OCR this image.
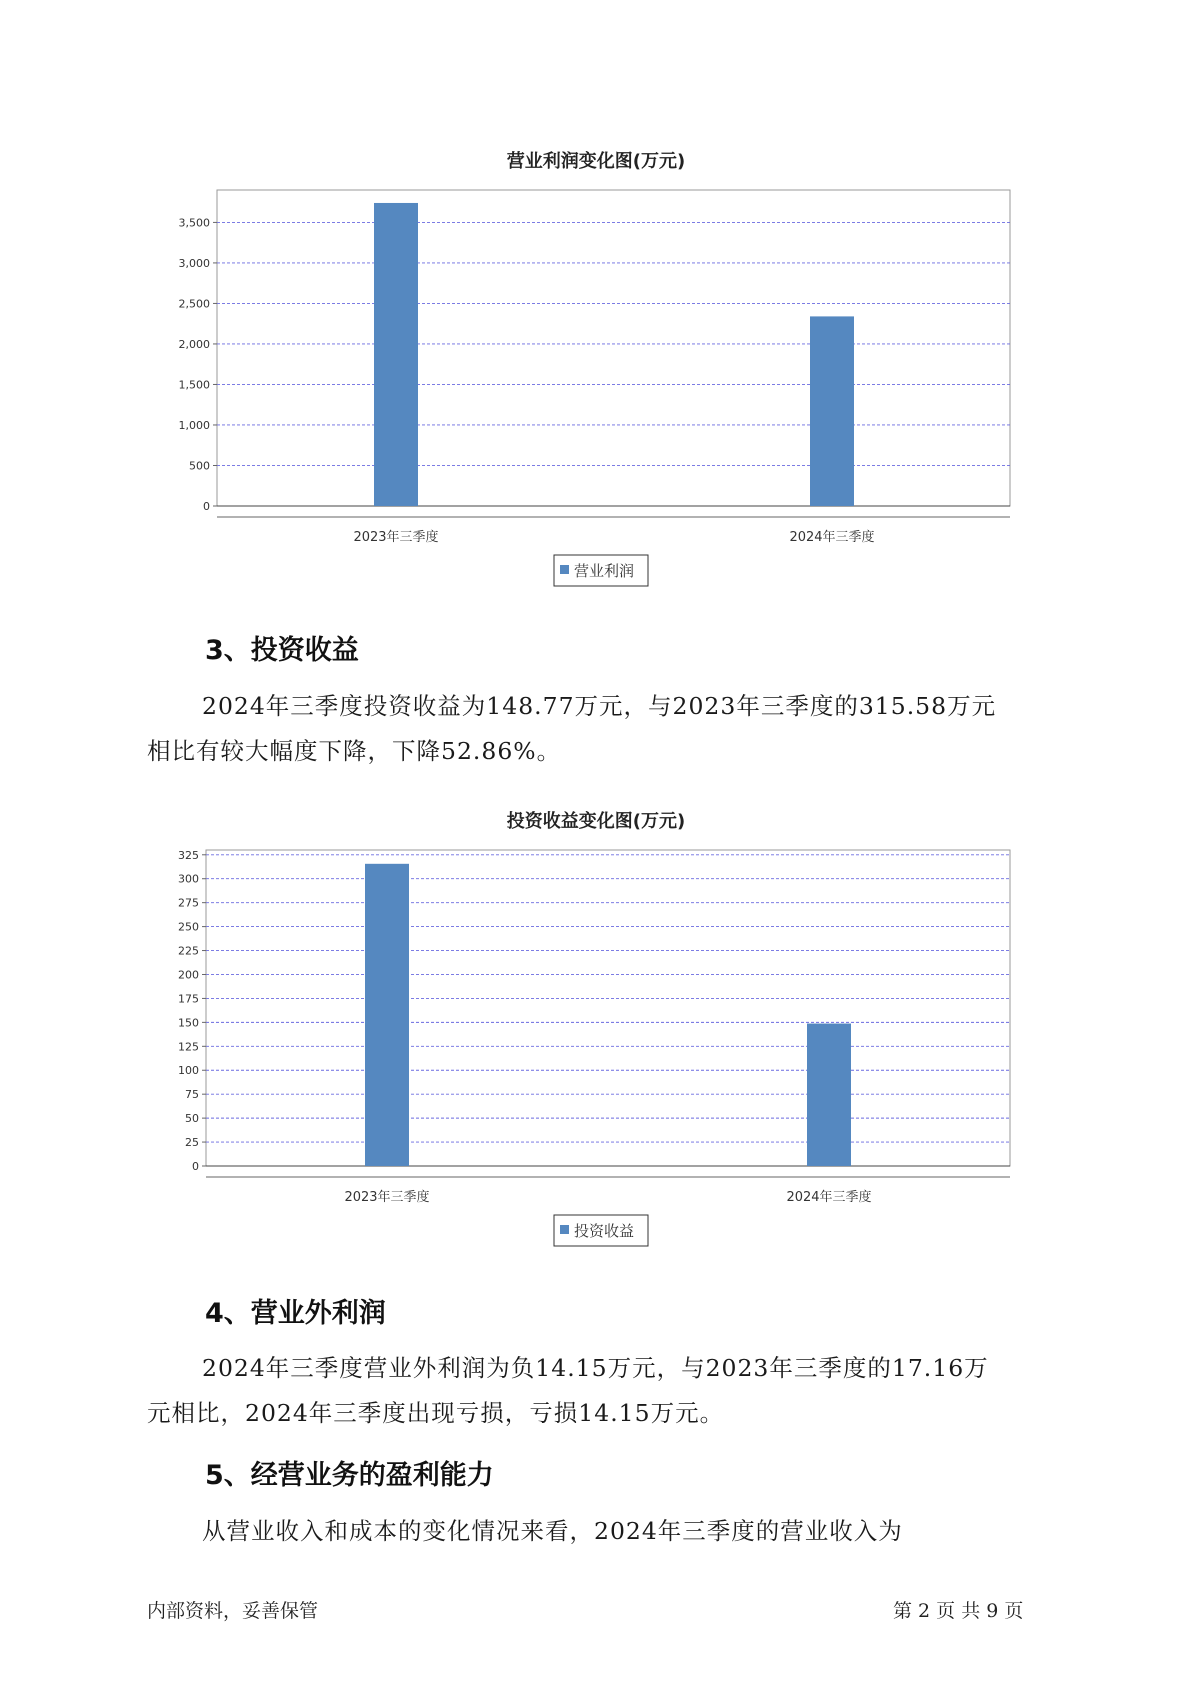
营业利润变化图(万元)
0
500
1,000
1,500
2,000
2,500
3,000
3,500
2023年三季度	2024年三季度
营业利润
3、投资收益

2024年三季度投资收益为148.77万元，与2023年三季度的315.58万元
相比有较大幅度下降，下降52.86%。

投资收益变化图(万元)
0
25
50
75
100
125
150
175
200
225
250
275
300
325
2023年三季度	2024年三季度
投资收益
4、营业外利润

2024年三季度营业外利润为负14.15万元，与2023年三季度的17.16万
元相比，2024年三季度出现亏损，亏损14.15万元。

5、经营业务的盈利能力

从营业收入和成本的变化情况来看，2024年三季度的营业收入为

内部资料，妥善保管	第 2 页 共 9 页
